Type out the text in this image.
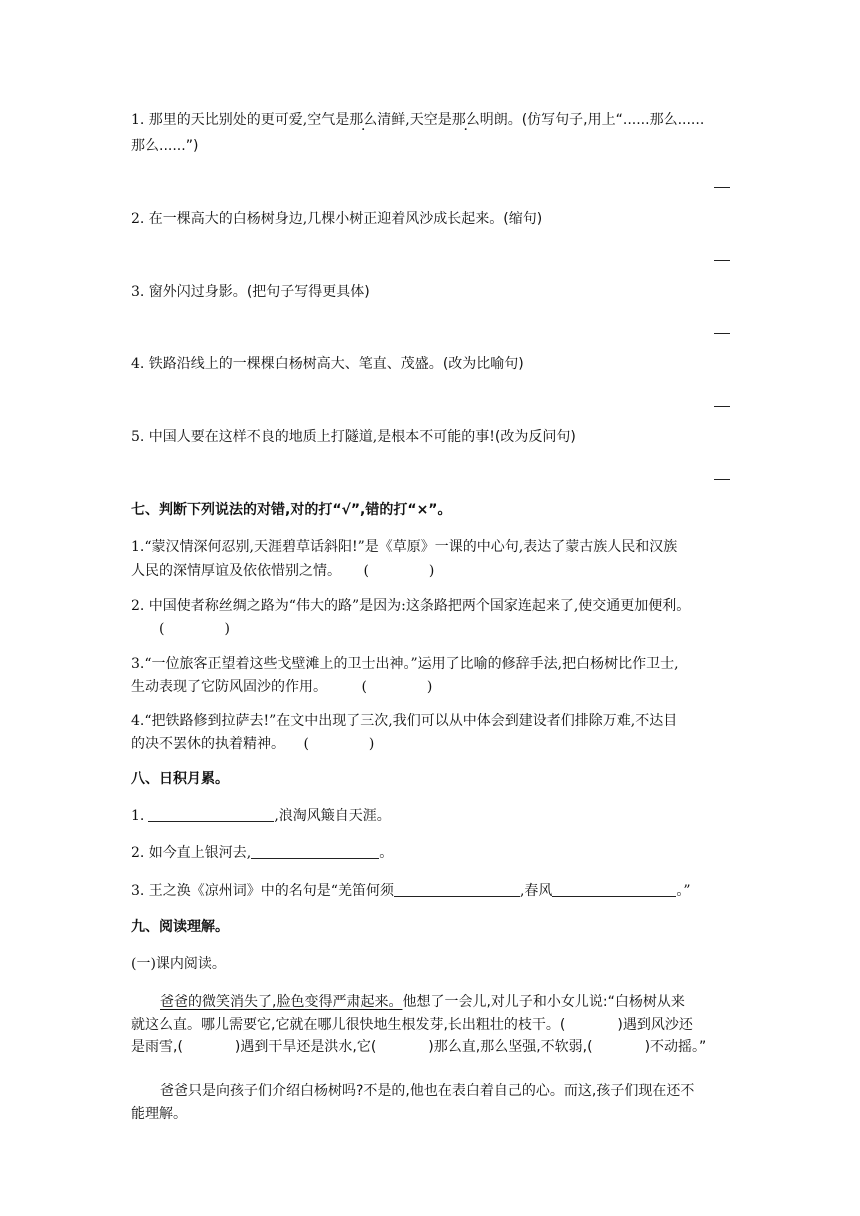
1. 那里的天比别处的更可爱,空气是那么清鲜,天空是那么明朗。(仿写句子,用上“......那么......
那么......”)
2. 在一棵高大的白杨树身边,几棵小树正迎着风沙成长起来。(缩句)
3. 窗外闪过身影。(把句子写得更具体)
4. 铁路沿线上的一棵棵白杨树高大、笔直、茂盛。(改为比喻句)
5. 中国人要在这样不良的地质上打隧道,是根本不可能的事!(改为反问句)
七、判断下列说法的对错,对的打“√”,错的打“×”。
1.“蒙汉情深何忍别,天涯碧草话斜阳!”是《草原》一课的中心句,表达了蒙古族人民和汉族
人民的深情厚谊及依依惜别之情。 (	)
2. 中国使者称丝绸之路为“伟大的路”是因为:这条路把两个国家连起来了,使交通更加便利。
(	)
3.“一位旅客正望着这些戈壁滩上的卫士出神。”运用了比喻的修辞手法,把白杨树比作卫士,
生动表现了它防风固沙的作用。 (	)
4.“把铁路修到拉萨去!”在文中出现了三次,我们可以从中体会到建设者们排除万难,不达目
的决不罢休的执着精神。 (	)
八、日积月累。
1.	,浪淘风簸自天涯。
2. 如今直上银河去,	。
3. 王之涣《凉州词》中的名句是“羌笛何须	,春风	。”
九、阅读理解。
(一)课内阅读。
爸爸的微笑消失了,脸色变得严肃起来。他想了一会儿,对儿子和小女儿说:“白杨树从来
就这么直。哪儿需要它,它就在哪儿很快地生根发芽,长出粗壮的枝干。(	)遇到风沙还
是雨雪,(	)遇到干旱还是洪水,它(	)那么直,那么坚强,不软弱,(	)不动摇。”
爸爸只是向孩子们介绍白杨树吗?不是的,他也在表白着自己的心。而这,孩子们现在还不
能理解。
